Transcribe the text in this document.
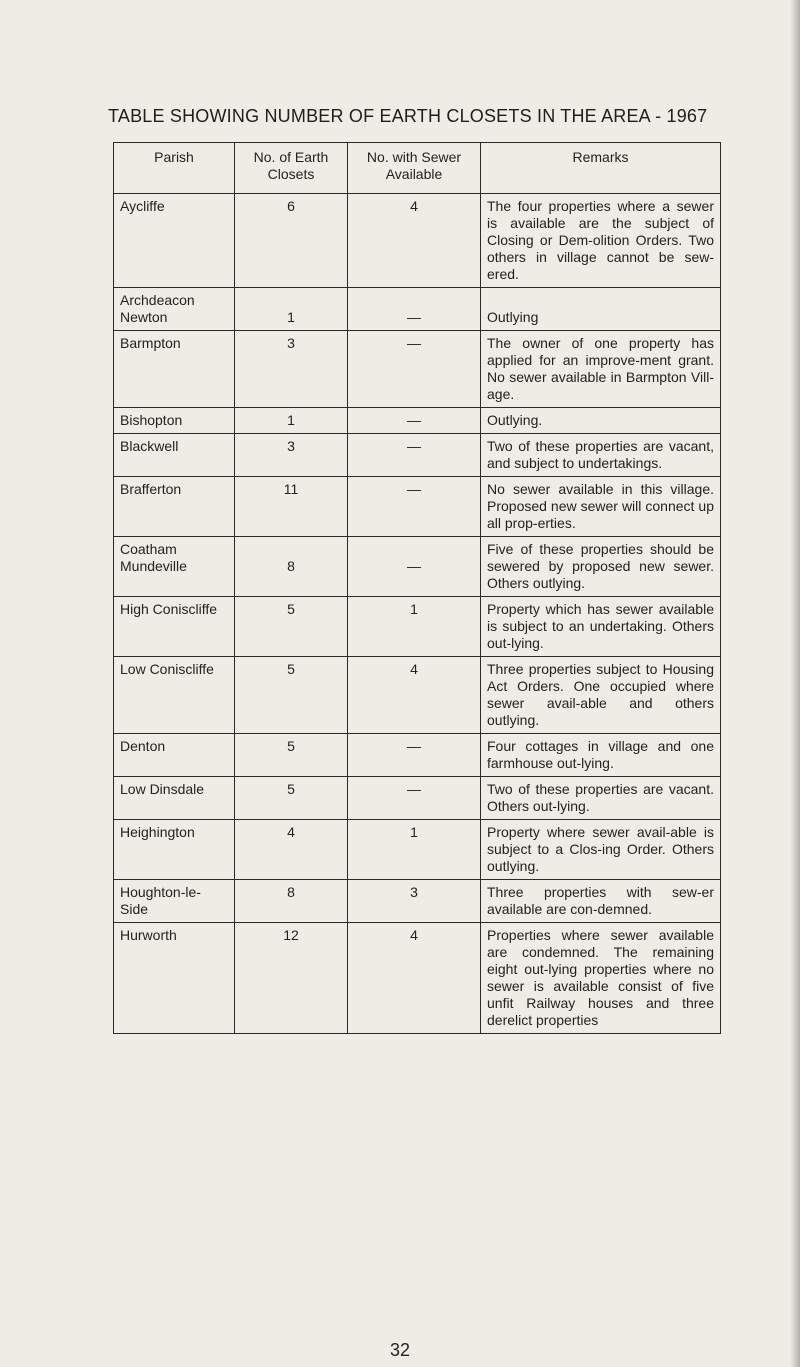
TABLE SHOWING NUMBER OF EARTH CLOSETS IN THE AREA - 1967
Parish	No. of Earth Closets	No. with Sewer Available	Remarks
Aycliffe	6	4	The four properties where a sewer is available are the subject of Closing or Dem-olition Orders. Two others in village cannot be sew-ered.
Archdeacon Newton	1	—	Outlying
Barmpton	3	—	The owner of one property has applied for an improve-ment grant. No sewer available in Barmpton Vill-age.
Bishopton	1	—	Outlying.
Blackwell	3	—	Two of these properties are vacant, and subject to undertakings.
Brafferton	11	—	No sewer available in this village. Proposed new sewer will connect up all prop-erties.
Coatham Mundeville	8	—	Five of these properties should be sewered by proposed new sewer. Others outlying.
High Coniscliffe	5	1	Property which has sewer available is subject to an undertaking. Others out-lying.
Low Coniscliffe	5	4	Three properties subject to Housing Act Orders. One occupied where sewer avail-able and others outlying.
Denton	5	—	Four cottages in village and one farmhouse out-lying.
Low Dinsdale	5	—	Two of these properties are vacant. Others out-lying.
Heighington	4	1	Property where sewer avail-able is subject to a Clos-ing Order. Others outlying.
Houghton-le-Side	8	3	Three properties with sew-er available are con-demned.
Hurworth	12	4	Properties where sewer available are condemned. The remaining eight out-lying properties where no sewer is available consist of five unfit Railway houses and three derelict properties
32
